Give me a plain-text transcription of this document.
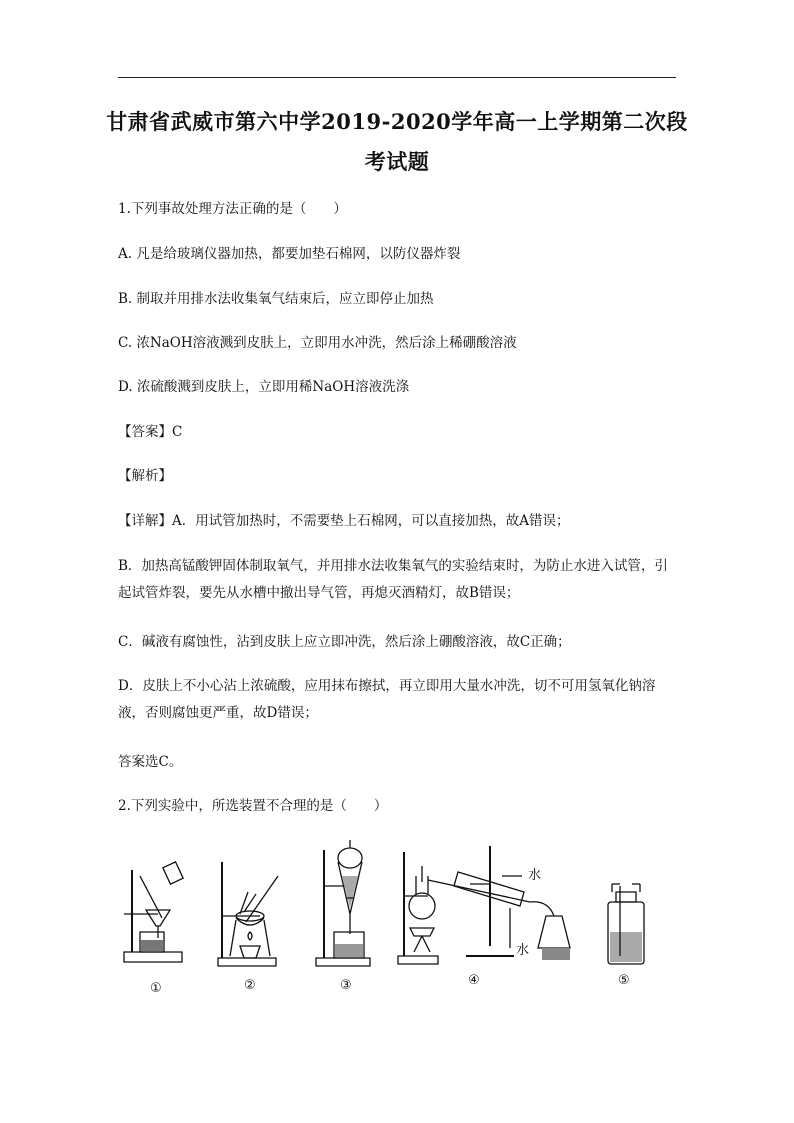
甘肃省武威市第六中学2019-2020学年高一上学期第二次段
考试题
1.下列事故处理方法正确的是（　　）
A. 凡是给玻璃仪器加热，都要加垫石棉网，以防仪器炸裂
B. 制取并用排水法收集氧气结束后，应立即停止加热
C. 浓NaOH溶液溅到皮肤上，立即用水冲洗，然后涂上稀硼酸溶液
D. 浓硫酸溅到皮肤上，立即用稀NaOH溶液洗涤
【答案】C
【解析】
【详解】A．用试管加热时，不需要垫上石棉网，可以直接加热，故A错误；
B．加热高锰酸钾固体制取氧气，并用排水法收集氧气的实验结束时，为防止水进入试管，引起试管炸裂，要先从水槽中撤出导气管，再熄灭酒精灯，故B错误；
C．碱液有腐蚀性，沾到皮肤上应立即冲洗，然后涂上硼酸溶液，故C正确；
D．皮肤上不小心沾上浓硫酸，应用抹布擦拭，再立即用大量水冲洗，切不可用氢氧化钠溶液，否则腐蚀更严重，故D错误；
答案选C。
2.下列实验中，所选装置不合理的是（　　）
①	②	③	④	⑤
水
水
